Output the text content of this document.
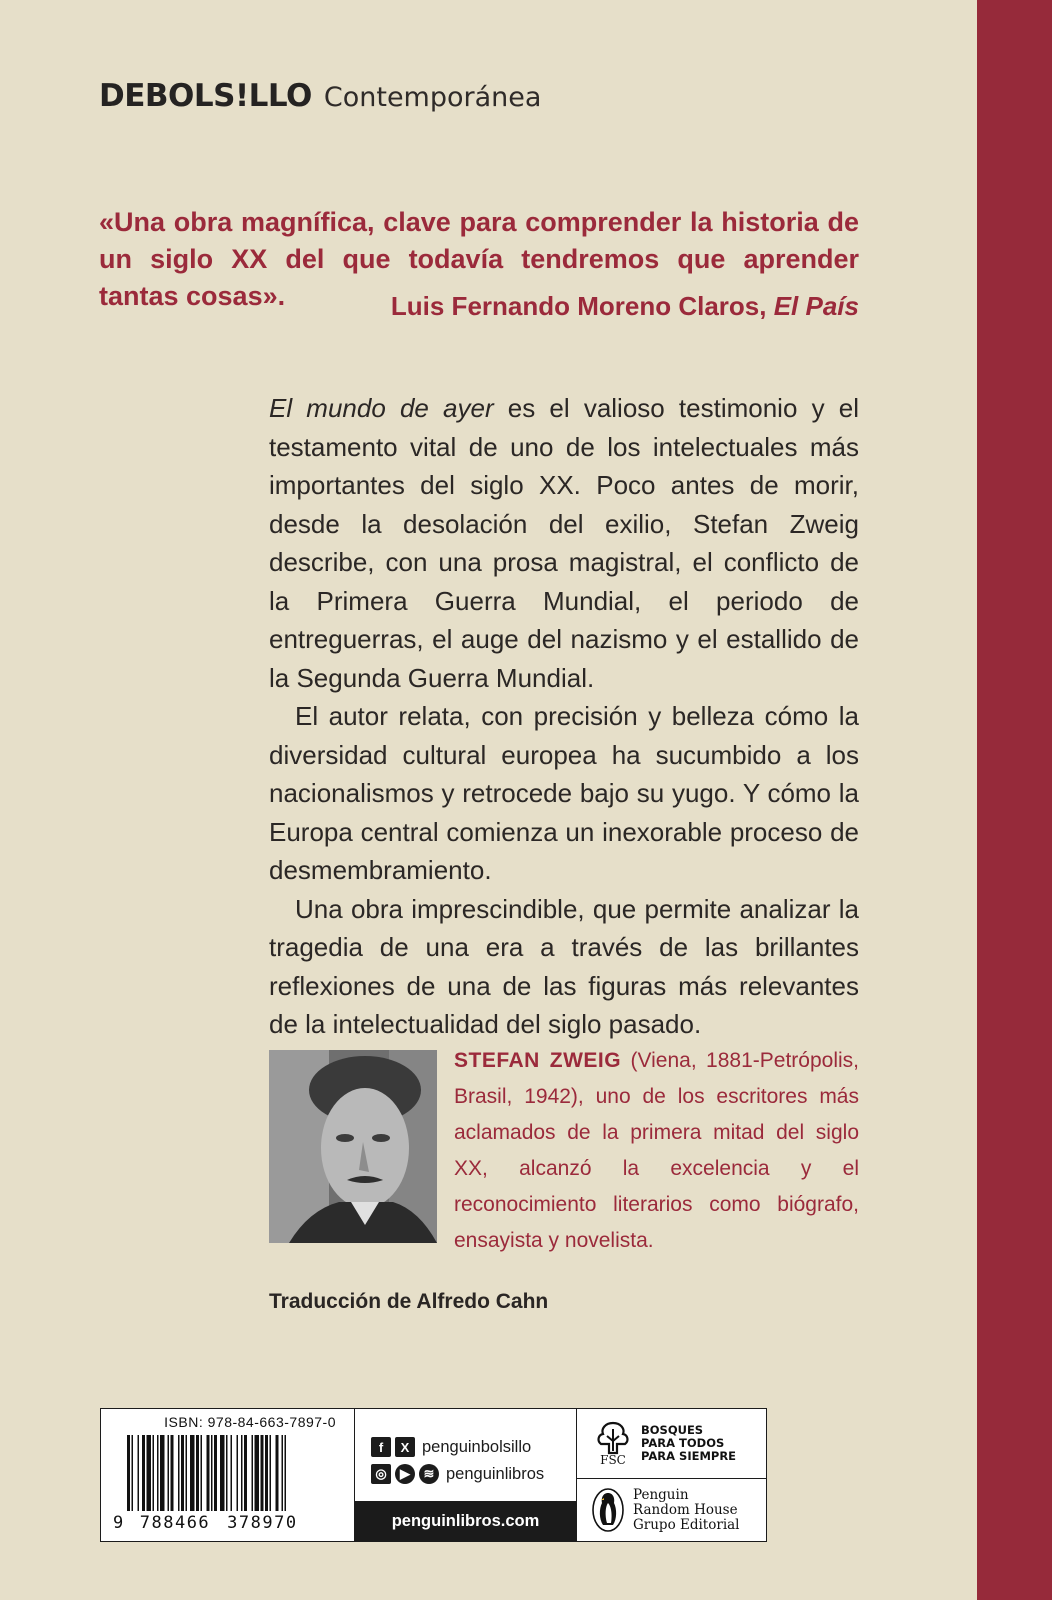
DEBOLS!LLO Contemporánea
«Una obra magnífica, clave para comprender la historia de un siglo XX del que todavía tendremos que aprender tantas cosas».	Luis Fernando Moreno Claros, El País

El mundo de ayer es el valioso testimonio y el testamento vital de uno de los intelectuales más importantes del siglo XX. Poco antes de morir, desde la desolación del exilio, Stefan Zweig describe, con una prosa magistral, el conflicto de la Primera Guerra Mundial, el periodo de entreguerras, el auge del nazismo y el estallido de la Segunda Guerra Mundial.

El autor relata, con precisión y belleza cómo la diversidad cultural europea ha sucumbido a los nacionalismos y retrocede bajo su yugo. Y cómo la Europa central comienza un inexorable proceso de desmembramiento.

Una obra imprescindible, que permite analizar la tragedia de una era a través de las brillantes reflexiones de una de las figuras más relevantes de la intelectualidad del siglo pasado.

STEFAN ZWEIG (Viena, 1881-Petrópolis, Brasil, 1942), uno de los escritores más aclamados de la primera mitad del siglo XX, alcanzó la excelencia y el reconocimiento literarios como biógrafo, ensayista y novelista.
Traducción de Alfredo Cahn
ISBN: 978-84-663-7897-0
9 788466 378970
f	X penguinbolsillo
◎	▶	≋ penguinlibros
penguinlibros.com
FSC
BOSQUES
PARA TODOS
PARA SIEMPRE
Penguin
Random House
Grupo Editorial
